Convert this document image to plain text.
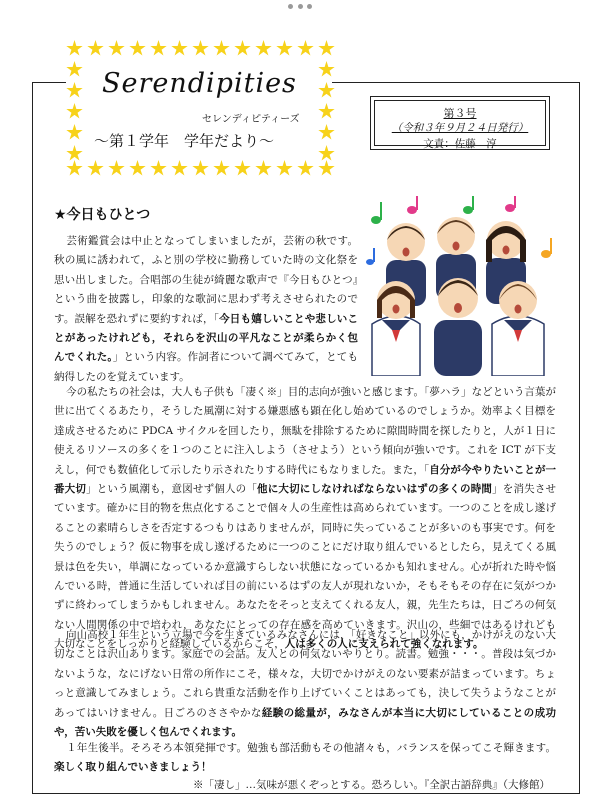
Serendipities
セレンディピティーズ
～第１学年　学年だより～
第３号
（令和３年９月２４日発行）
文責：佐藤　淳
★今日もひとつ
芸術鑑賞会は中止となってしまいましたが，芸術の秋です。秋の風に誘われて，ふと別の学校に勤務していた時の文化祭を思い出しました。合唱部の生徒が綺麗な歌声で『今日もひとつ』という曲を披露し，印象的な歌詞に思わず考えさせられたのです。誤解を恐れずに要約すれば，「今日も嬉しいことや悲しいことがあったけれども，それらを沢山の平凡なことが柔らかく包んでくれた。」という内容。作詞者について調べてみて，とても納得したのを覚えています。
今の私たちの社会は，大人も子供も「凄く※」目的志向が強いと感じます。「夢ハラ」などという言葉が世に出てくるあたり，そうした風潮に対する嫌悪感も顕在化し始めているのでしょうか。効率よく目標を達成させるために PDCA サイクルを回したり，無駄を排除するために隙間時間を探したりと，人が１日に使えるリソースの多くを１つのことに注入しよう（させよう）という傾向が強いです。これを ICT が下支えし，何でも数値化して示したり示されたりする時代にもなりました。また，「自分が今やりたいことが一番大切」という風潮も，意図せず個人の「他に大切にしなければならないはずの多くの時間」を消失させています。確かに目的物を焦点化することで個々人の生産性は高められています。一つのことを成し遂げることの素晴らしさを否定するつもりはありませんが，同時に失っていることが多いのも事実です。何を失うのでしょう？仮に物事を成し遂げるために一つのことにだけ取り組んでいるとしたら，見えてくる風景は色を失い，単調になっているか意識すらしない状態になっているかも知れません。心が折れた時や悩んでいる時，普通に生活していれば目の前にいるはずの友人が現れないか，そもそもその存在に気がつかずに終わってしまうかもしれません。あなたをそっと支えてくれる友人，親，先生たちは，日ごろの何気ない人間関係の中で培われ，あなたにとっての存在感を高めていきます。沢山の，些細ではあるけれども大切なことをしっかりと経験しているからこそ，人は多くの人に支えられて強くなれます。
向山高校１年生という立場で今を生きているみなさんには，「好きなこと」以外にも，かけがえのない大切なことは沢山あります。家庭での会話。友人との何気ないやりとり。読書。勉強・・・。普段は気づかないような，なにげない日常の所作にこそ，様々な，大切でかけがえのない要素が詰まっています。ちょっと意識してみましょう。これら貴重な活動を作り上げていくことはあっても，決して失うようなことがあってはいけません。日ごろのささやかな経験の総量が，みなさんが本当に大切にしていることの成功や，苦い失敗を優しく包んでくれます。
１年生後半。そろそろ本領発揮です。勉強も部活動もその他諸々も，バランスを保ってこそ輝きます。楽しく取り組んでいきましょう！
※「凄し」…気味が悪くぞっとする。恐ろしい。『全訳古語辞典』（大修館）
